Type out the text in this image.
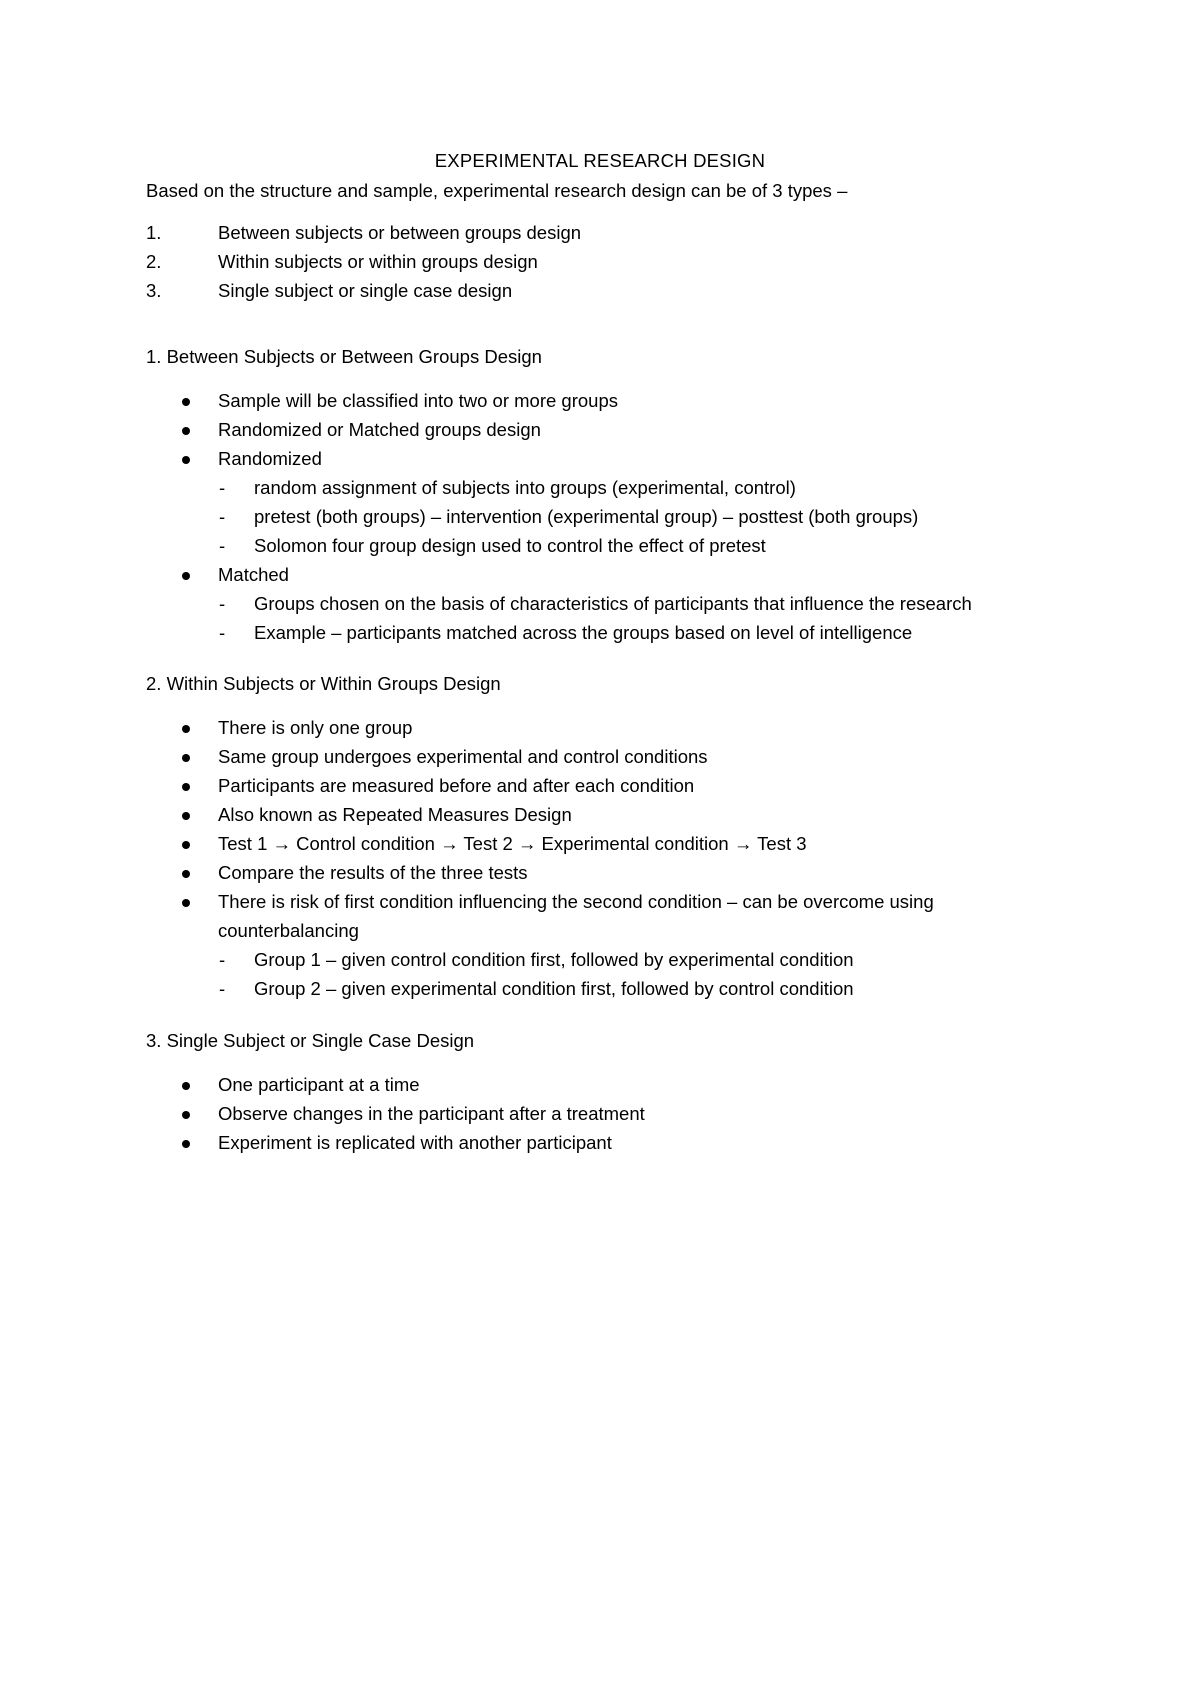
EXPERIMENTAL RESEARCH DESIGN

Based on the structure and sample, experimental research design can be of 3 types –

1.	Between subjects or between groups design
2.	Within subjects or within groups design
3.	Single subject or single case design

1. Between Subjects or Between Groups Design

Sample will be classified into two or more groups
Randomized or Matched groups design
Randomized
- random assignment of subjects into groups (experimental, control)
- pretest (both groups) – intervention (experimental group) – posttest (both groups)
- Solomon four group design used to control the effect of pretest
Matched
- Groups chosen on the basis of characteristics of participants that influence the research
- Example – participants matched across the groups based on level of intelligence

2. Within Subjects or Within Groups Design

There is only one group
Same group undergoes experimental and control conditions
Participants are measured before and after each condition
Also known as Repeated Measures Design
Test 1 → Control condition → Test 2 → Experimental condition → Test 3
Compare the results of the three tests
There is risk of first condition influencing the second condition – can be overcome using counterbalancing
- Group 1 – given control condition first, followed by experimental condition
- Group 2 – given experimental condition first, followed by control condition

3. Single Subject or Single Case Design

One participant at a time
Observe changes in the participant after a treatment
Experiment is replicated with another participant
